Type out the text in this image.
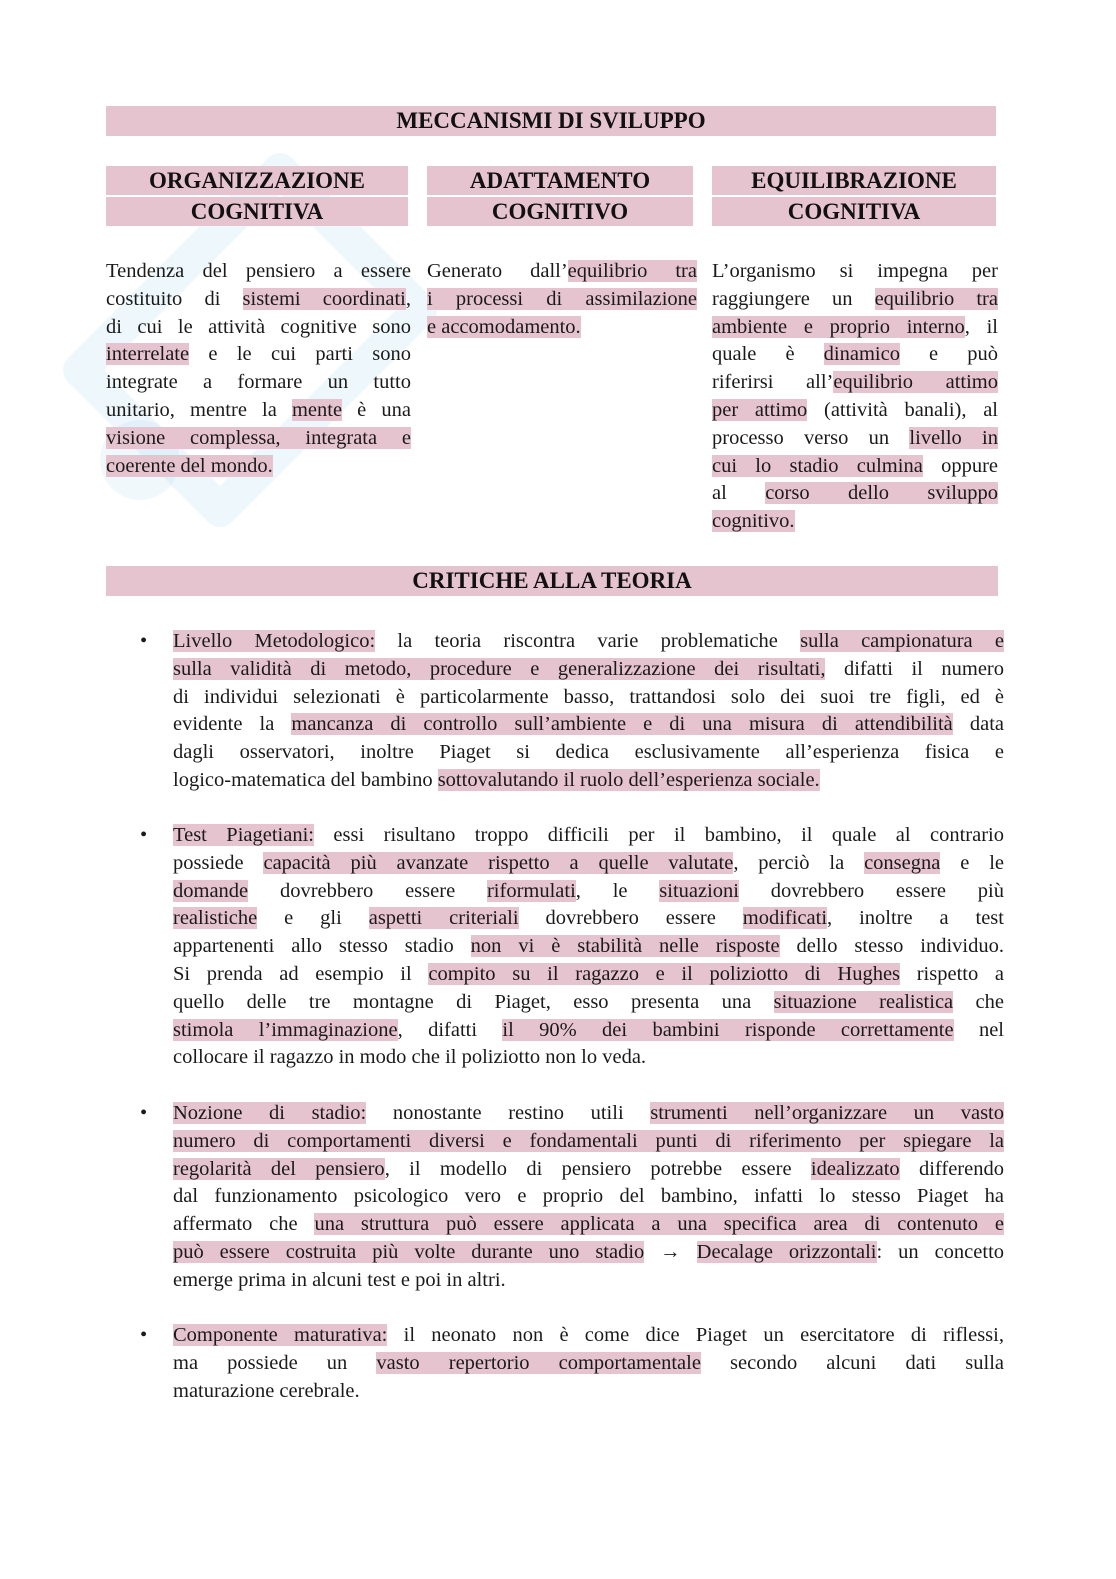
MECCANISMI DI SVILUPPO
ORGANIZZAZIONE
COGNITIVA
ADATTAMENTO
COGNITIVO
EQUILIBRAZIONE
COGNITIVA
Tendenza del pensiero a essere
costituito di sistemi coordinati,
di cui le attività cognitive sono
interrelate e le cui parti sono
integrate a formare un tutto
unitario, mentre la mente è una
visione complessa, integrata e
coerente del mondo.
Generato dall’equilibrio tra
i processi di assimilazione
e accomodamento.
L’organismo si impegna per
raggiungere un equilibrio tra
ambiente e proprio interno, il
quale è dinamico e può
riferirsi all’equilibrio attimo
per attimo (attività banali), al
processo verso un livello in
cui lo stadio culmina oppure
al corso dello sviluppo
cognitivo.
CRITICHE ALLA TEORIA
• Livello Metodologico: la teoria riscontra varie problematiche sulla campionatura e
sulla validità di metodo, procedure e generalizzazione dei risultati, difatti il numero
di individui selezionati è particolarmente basso, trattandosi solo dei suoi tre figli, ed è
evidente la mancanza di controllo sull’ambiente e di una misura di attendibilità data
dagli osservatori, inoltre Piaget si dedica esclusivamente all’esperienza fisica e
logico-matematica del bambino sottovalutando il ruolo dell’esperienza sociale.
• Test Piagetiani: essi risultano troppo difficili per il bambino, il quale al contrario
possiede capacità più avanzate rispetto a quelle valutate, perciò la consegna e le
domande dovrebbero essere riformulati, le situazioni dovrebbero essere più
realistiche e gli aspetti criteriali dovrebbero essere modificati, inoltre a test
appartenenti allo stesso stadio non vi è stabilità nelle risposte dello stesso individuo.
Si prenda ad esempio il compito su il ragazzo e il poliziotto di Hughes rispetto a
quello delle tre montagne di Piaget, esso presenta una situazione realistica che
stimola l’immaginazione, difatti il 90% dei bambini risponde correttamente nel
collocare il ragazzo in modo che il poliziotto non lo veda.
• Nozione di stadio: nonostante restino utili strumenti nell’organizzare un vasto
numero di comportamenti diversi e fondamentali punti di riferimento per spiegare la
regolarità del pensiero, il modello di pensiero potrebbe essere idealizzato differendo
dal funzionamento psicologico vero e proprio del bambino, infatti lo stesso Piaget ha
affermato che una struttura può essere applicata a una specifica area di contenuto e
può essere costruita più volte durante uno stadio → Decalage orizzontali: un concetto
emerge prima in alcuni test e poi in altri.
• Componente maturativa: il neonato non è come dice Piaget un esercitatore di riflessi,
ma possiede un vasto repertorio comportamentale secondo alcuni dati sulla
maturazione cerebrale.
